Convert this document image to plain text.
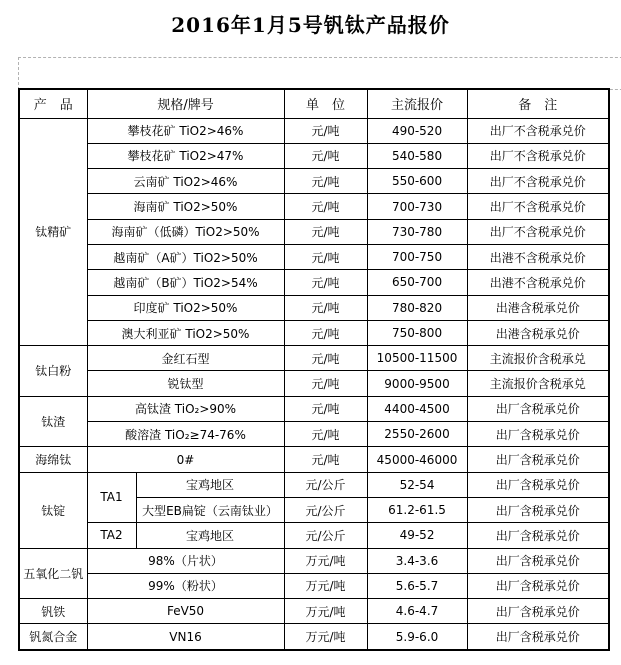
2016年1月5号钒钛产品报价
产　品	规格/牌号		单　位	主流报价	备　注
钛精矿	攀枝花矿 TiO2>46%		元/吨	490-520	出厂不含税承兑价
	攀枝花矿 TiO2>47%		元/吨	540-580	出厂不含税承兑价
	云南矿 TiO2>46%		元/吨	550-600	出厂不含税承兑价
	海南矿 TiO2>50%		元/吨	700-730	出厂不含税承兑价
	海南矿（低磷）TiO2>50%		元/吨	730-780	出厂不含税承兑价
	越南矿（A矿）TiO2>50%		元/吨	700-750	出港不含税承兑价
	越南矿（B矿）TiO2>54%		元/吨	650-700	出港不含税承兑价
	印度矿 TiO2>50%		元/吨	780-820	出港含税承兑价
	澳大利亚矿 TiO2>50%		元/吨	750-800	出港含税承兑价
钛白粉	金红石型		元/吨	10500-11500	主流报价含税承兑
	锐钛型		元/吨	9000-9500	主流报价含税承兑
钛渣	高钛渣 TiO₂>90%		元/吨	4400-4500	出厂含税承兑价
	酸溶渣 TiO₂≥74-76%		元/吨	2550-2600	出厂含税承兑价
海绵钛	0#		元/吨	45000-46000	出厂含税承兑价
钛锭	TA1	宝鸡地区	元/公斤	52-54	出厂含税承兑价
		大型EB扁锭（云南钛业）	元/公斤	61.2-61.5	出厂含税承兑价
	TA2	宝鸡地区	元/公斤	49-52	出厂含税承兑价
五氧化二钒	98%（片状）		万元/吨	3.4-3.6	出厂含税承兑价
	99%（粉状）		万元/吨	5.6-5.7	出厂含税承兑价
钒铁	FeV50		万元/吨	4.6-4.7	出厂含税承兑价
钒氮合金	VN16		万元/吨	5.9-6.0	出厂含税承兑价
